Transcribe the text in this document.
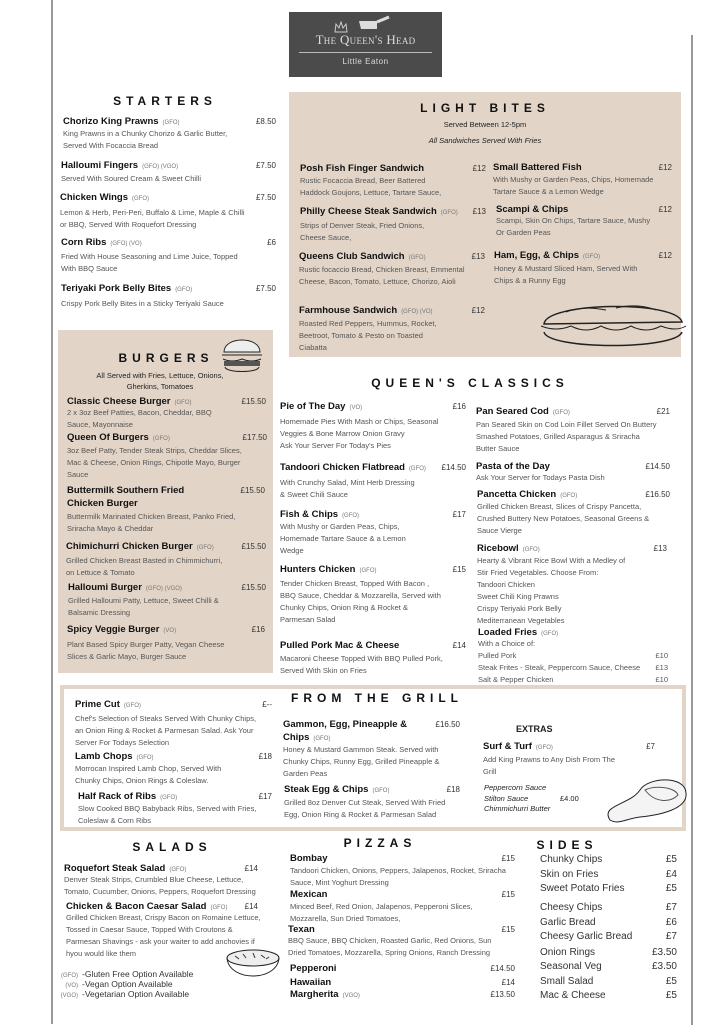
The Queen's Head
Little Eaton
STARTERS	LIGHT BITES
Served Between 12-5pm
All Sandwiches Served With Fries
BURGERS
All Served with Fries, Lettuce, Onions,
Gherkins, Tomatoes	QUEEN'S CLASSICS
FROM THE GRILL
EXTRAS
Peppercorn Sauce
Stilton Sauce
Chimmichurri Butter
£4.00
SALADS	PIZZAS	SIDES
(GFO) -Gluten Free Option Available
(VO) -Vegan Option Available
(VGO) -Vegetarian Option Available
Chorizo King Prawns (GFO)	£8.50
King Prawns in a Chunky Chorizo & Garlic Butter,
Served With Focaccia Bread
Halloumi Fingers (GFO) (VGO)	£7.50
Served With Soured Cream & Sweet Chilli
Chicken Wings (GFO)	£7.50
Lemon & Herb, Peri-Peri, Buffalo & Lime, Maple & Chilli
or BBQ, Served With Roquefort Dressing
Corn Ribs (GFO) (VO)	£6
Fried With House Seasoning and Lime Juice, Topped
With BBQ Sauce
Teriyaki Pork Belly Bites (GFO)	£7.50
Crispy Pork Belly Bites in a Sticky Teriyaki Sauce
Posh Fish Finger Sandwich	£12
Rustic Focaccia Bread, Beer Battered
Haddock Goujons, Lettuce, Tartare Sauce,
Philly Cheese Steak Sandwich (GFO)	£13
Strips of Denver Steak, Fried Onions,
Cheese Sauce,
Queens Club Sandwich (GFO)	£13
Rustic focaccio Bread, Chicken Breast, Emmental
Cheese, Bacon, Tomato, Lettuce, Chorizo, Aioli
Farmhouse Sandwich (GFO) (VO)	£12
Roasted Red Peppers, Hummus, Rocket,
Beetroot, Tomato & Pesto on Toasted
Ciabatta
Small Battered Fish	£12
With Mushy or Garden Peas, Chips, Homemade
Tartare Sauce & a Lemon Wedge
Scampi & Chips	£12
Scampi, Skin On Chips, Tartare Sauce, Mushy
Or Garden Peas
Ham, Egg, & Chips (GFO)	£12
Honey & Mustard Sliced Ham, Served With
Chips & a Runny Egg
Classic Cheese Burger (GFO)	£15.50
2 x 3oz Beef Patties, Bacon, Cheddar, BBQ
Sauce, Mayonnaise
Queen Of Burgers (GFO)	£17.50
3oz Beef Patty, Tender Steak Strips, Cheddar Slices,
Mac & Cheese, Onion Rings, Chipotle Mayo, Burger
Sauce
Buttermilk Southern Fried Chicken Burger
£15.50
Buttermilk Marinated Chicken Breast, Panko Fried,
Sriracha Mayo & Cheddar
Chimichurri Chicken Burger (GFO)	£15.50
Grilled Chicken Breast Basted in Chimmichurri,
on Lettuce & Tomato
Halloumi Burger (GFO) (VGO)	£15.50
Grilled Halloumi Patty, Lettuce, Sweet Chilli &
Balsamic Dressing
Spicy Veggie Burger (VO)	£16
Plant Based Spicy Burger Patty, Vegan Cheese
Slices & Garlic Mayo, Burger Sauce
Pie of The Day (VO)	£16
Homemade Pies With Mash or Chips, Seasonal
Veggies & Bone Marrow Onion Gravy
Ask Your Server For Today's Pies
Tandoori Chicken Flatbread (GFO)	£14.50
With Crunchy Salad, Mint Herb Dressing
& Sweet Chili Sauce
Fish & Chips (GFO)	£17
With Mushy or Garden Peas, Chips,
Homemade Tartare Sauce & a Lemon
Wedge
Hunters Chicken (GFO)	£15
Tender Chicken Breast, Topped With Bacon ,
BBQ Sauce, Cheddar & Mozzarella, Served with
Chunky Chips, Onion Ring & Rocket &
Parmesan Salad
Pulled Pork Mac & Cheese	£14
Macaroni Cheese Topped With BBQ Pulled Pork,
Served With Skin on Fries
Pan Seared Cod (GFO)	£21
Pan Seared Skin on Cod Loin Fillet Served On Buttery
Smashed Potatoes, Grilled Asparagus & Sriracha
Butter Sauce
Pasta of the Day	£14.50
Ask Your Server for Todays Pasta Dish
Pancetta Chicken (GFO)	£16.50
Grilled Chicken Breast, Slices of Crispy Pancetta,
Crushed Buttery New Potatoes, Seasonal Greens &
Sauce Vierge
Ricebowl (GFO)	£13
Hearty & Vibrant Rice Bowl With a Medley of
Stir Fried Vegetables. Choose From:
Tandoori Chicken
Sweet Chili King Prawns
Crispy Teriyaki Pork Belly
Mediterranean Vegetables
Loaded Fries (GFO)
With a Choice of:
Pulled Pork	£10
Steak Frites - Steak, Peppercorn Sauce, Cheese £13
Salt & Pepper Chicken	£10
Prime Cut (GFO)	£--
Chef's Selection of Steaks Served With Chunky Chips,
an Onion Ring & Rocket & Parmesan Salad. Ask Your
Server For Todays Selection
Lamb Chops (GFO)	£18
Morrocan Inspired Lamb Chop, Served With
Chunky Chips, Onion Rings & Coleslaw.
Half Rack of Ribs (GFO)	£17
Slow Cooked BBQ Babyback Ribs, Served with Fries,
Coleslaw & Corn Ribs
Gammon, Egg, Pineapple & Chips (GFO)
£16.50
Honey & Mustard Gammon Steak. Served with
Chunky Chips, Runny Egg, Grilled Pineapple &
Garden Peas
Steak Egg & Chips (GFO)	£18
Grilled 8oz Denver Cut Steak, Served With Fried
Egg, Onion Ring & Rocket & Parmesan Salad
Surf & Turf (GFO)	£7
Add King Prawns to Any Dish From The
Grill
Roquefort Steak Salad (GFO)	£14
Denver Steak Strips, Crumbled Blue Cheese, Lettuce,
Tomato, Cucumber, Onions, Peppers, Roquefort Dressing
Chicken & Bacon Caesar Salad (GFO)	£14
Grilled Chicken Breast, Crispy Bacon on Romaine Lettuce,
Tossed in Caesar Sauce, Topped With Croutons &
Parmesan Shavings - ask your waiter to add anchovies if
hyou would like them
Bombay	£15
Tandoori Chicken, Onions, Peppers, Jalapenos, Rocket, Sriracha
Sauce, Mint Yoghurt Dressing
Mexican	£15
Minced Beef, Red Onion, Jalapenos, Pepperoni Slices,
Mozzarella, Sun Dried Tomatoes,
Texan	£15
BBQ Sauce, BBQ Chicken, Roasted Garlic, Red Onions, Sun
Dried Tomatoes, Mozzarella, Spring Onions, Ranch Dressing
Pepperoni	£14.50
Hawaiian	£14
Margherita (VGO)	£13.50
Chunky Chips	£5
Skin on Fries	£4
Sweet Potato Fries	£5
Cheesy Chips	£7
Garlic Bread	£6
Cheesy Garlic Bread	£7
Onion Rings	£3.50
Seasonal Veg	£3.50
Small Salad	£5
Mac & Cheese	£5
